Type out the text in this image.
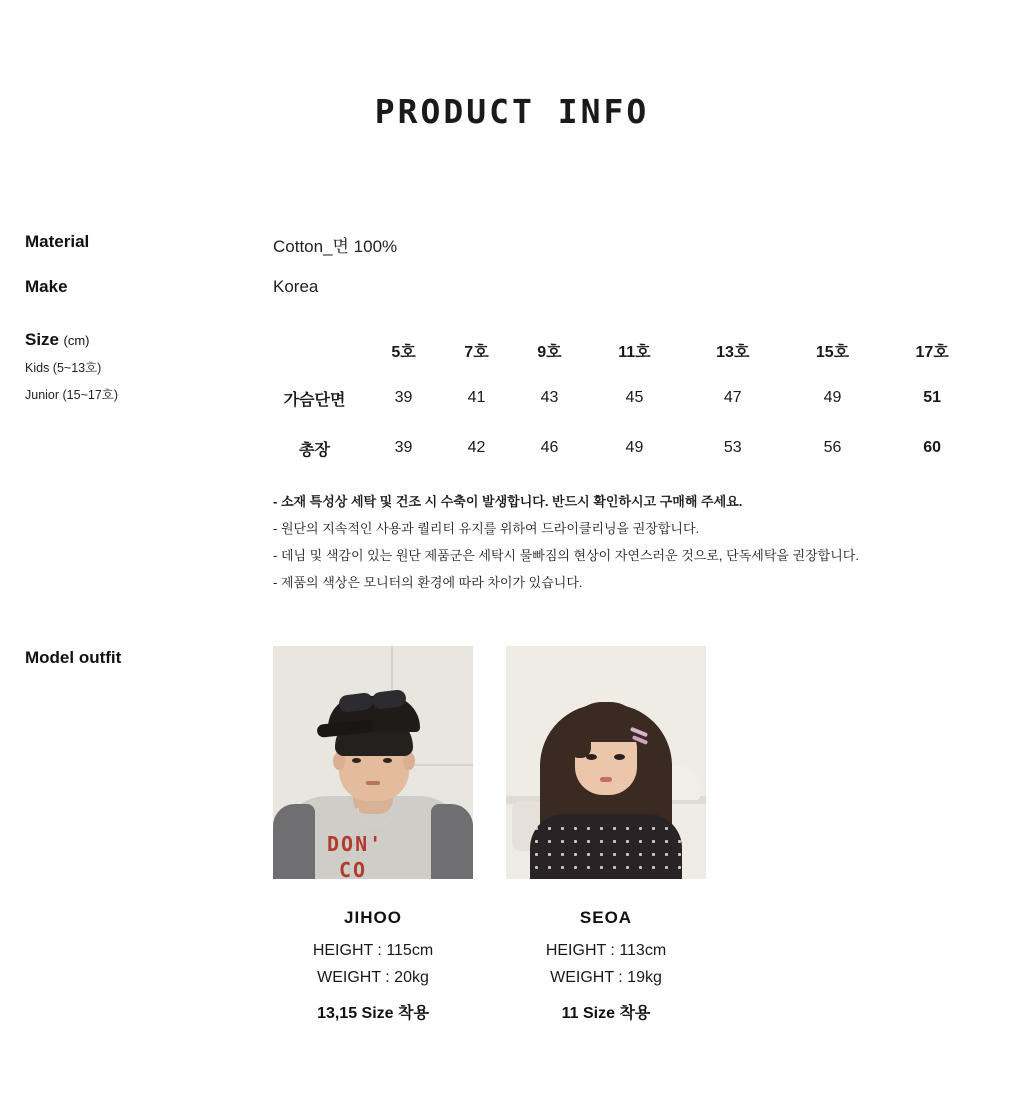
PRODUCT INFO
Material	Cotton_면 100%
Make	Korea
Size (cm)
Kids (5~13호)
Junior (15~17호)
	5호	7호	9호	11호	13호	15호	17호
가슴단면	39	41	43	45	47	49	51
총장	39	42	46	49	53	56	60
- 소재 특성상 세탁 및 건조 시 수축이 발생합니다. 반드시 확인하시고 구매해 주세요.
- 원단의 지속적인 사용과 퀄리티 유지를 위하여 드라이클리닝을 권장합니다.
- 데님 및 색감이 있는 원단 제품군은 세탁시 물빠짐의 현상이 자연스러운 것으로, 단독세탁을 권장합니다.
- 제품의 색상은 모니터의 환경에 따라 차이가 있습니다.
Model outfit
DON'
CO
JIHOO
HEIGHT : 115cm
WEIGHT : 20kg
13,15 Size 착용
SEOA
HEIGHT : 113cm
WEIGHT : 19kg
11 Size 착용
